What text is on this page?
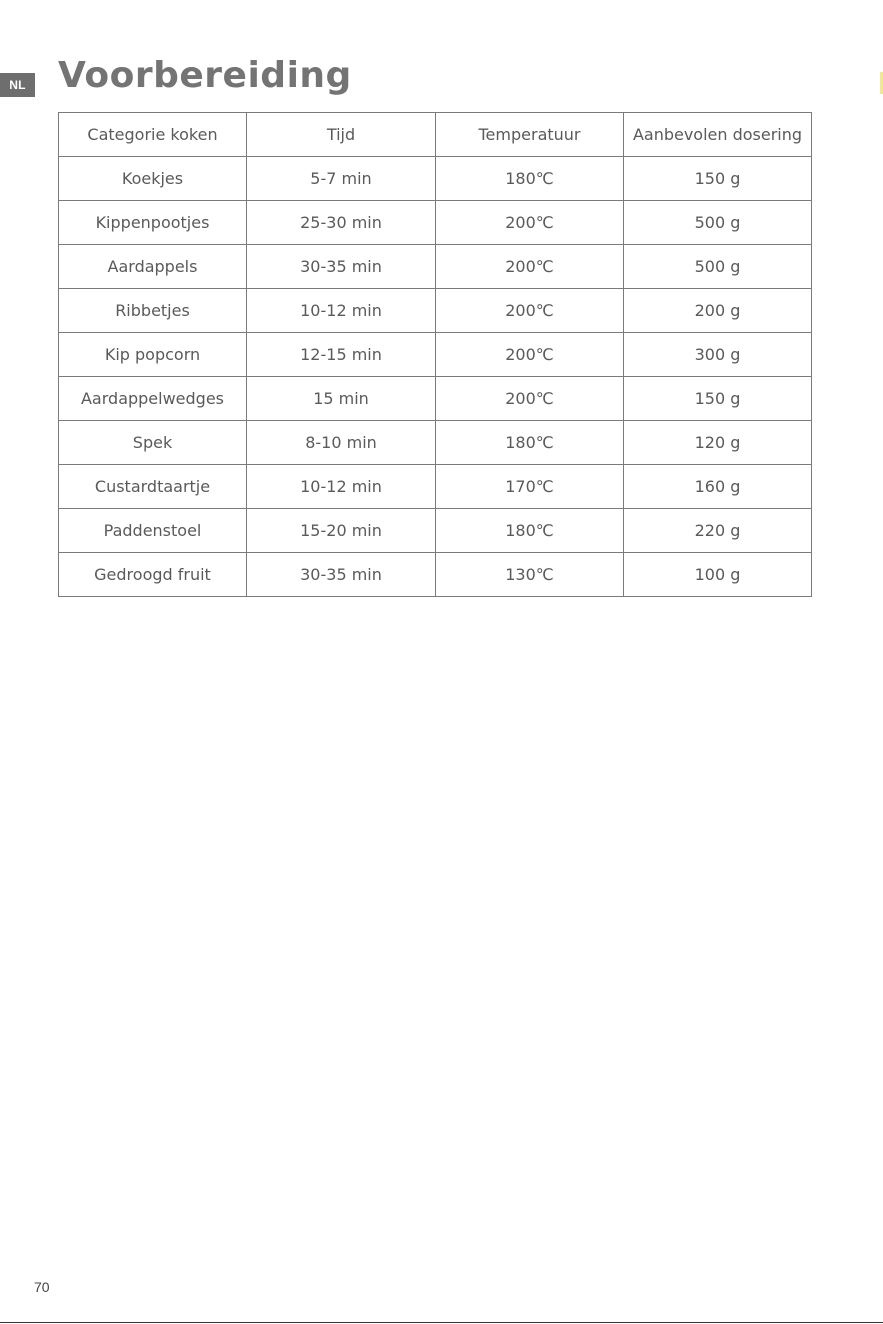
NL Voorbereiding
Categorie koken	Tijd	Temperatuur	Aanbevolen dosering
Koekjes	5-7 min	180℃	150 g
Kippenpootjes	25-30 min	200℃	500 g
Aardappels	30-35 min	200℃	500 g
Ribbetjes	10-12 min	200℃	200 g
Kip popcorn	12-15 min	200℃	300 g
Aardappelwedges	15 min	200℃	150 g
Spek	8-10 min	180℃	120 g
Custardtaartje	10-12 min	170℃	160 g
Paddenstoel	15-20 min	180℃	220 g
Gedroogd fruit	30-35 min	130℃	100 g
70
